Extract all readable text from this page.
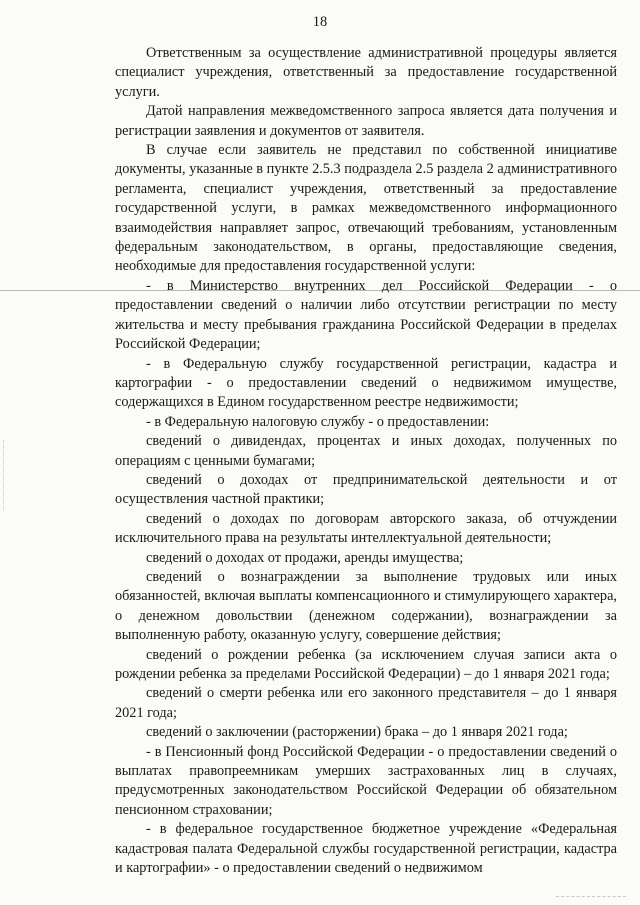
18

Ответственным за осуществление административной процедуры является специалист учреждения, ответственный за предоставление государственной услуги.

Датой направления межведомственного запроса является дата получения и регистрации заявления и документов от заявителя.

В случае если заявитель не представил по собственной инициативе документы, указанные в пункте 2.5.3 подраздела 2.5 раздела 2 административного регламента, специалист учреждения, ответственный за предоставление государственной услуги, в рамках межведомственного информационного взаимодействия направляет запрос, отвечающий требованиям, установленным федеральным законодательством, в органы, предоставляющие сведения, необходимые для предоставления государственной услуги:

- в Министерство внутренних дел Российской Федерации - о предоставлении сведений о наличии либо отсутствии регистрации по месту жительства и месту пребывания гражданина Российской Федерации в пределах Российской Федерации;

- в Федеральную службу государственной регистрации, кадастра и картографии - о предоставлении сведений о недвижимом имуществе, содержащихся в Едином государственном реестре недвижимости;

- в Федеральную налоговую службу - о предоставлении:

сведений о дивидендах, процентах и иных доходах, полученных по операциям с ценными бумагами;

сведений о доходах от предпринимательской деятельности и от осуществления частной практики;

сведений о доходах по договорам авторского заказа, об отчуждении исключительного права на результаты интеллектуальной деятельности;

сведений о доходах от продажи, аренды имущества;

сведений о вознаграждении за выполнение трудовых или иных обязанностей, включая выплаты компенсационного и стимулирующего характера, о денежном довольствии (денежном содержании), вознаграждении за выполненную работу, оказанную услугу, совершение действия;

сведений о рождении ребенка (за исключением случая записи акта о рождении ребенка за пределами Российской Федерации) – до 1 января 2021 года;

сведений о смерти ребенка или его законного представителя – до 1 января 2021 года;

сведений о заключении (расторжении) брака – до 1 января 2021 года;

- в Пенсионный фонд Российской Федерации - о предоставлении сведений о выплатах правопреемникам умерших застрахованных лиц в случаях, предусмотренных законодательством Российской Федерации об обязательном пенсионном страховании;

- в федеральное государственное бюджетное учреждение «Федеральная кадастровая палата Федеральной службы государственной регистрации, кадастра и картографии» - о предоставлении сведений о недвижимом
